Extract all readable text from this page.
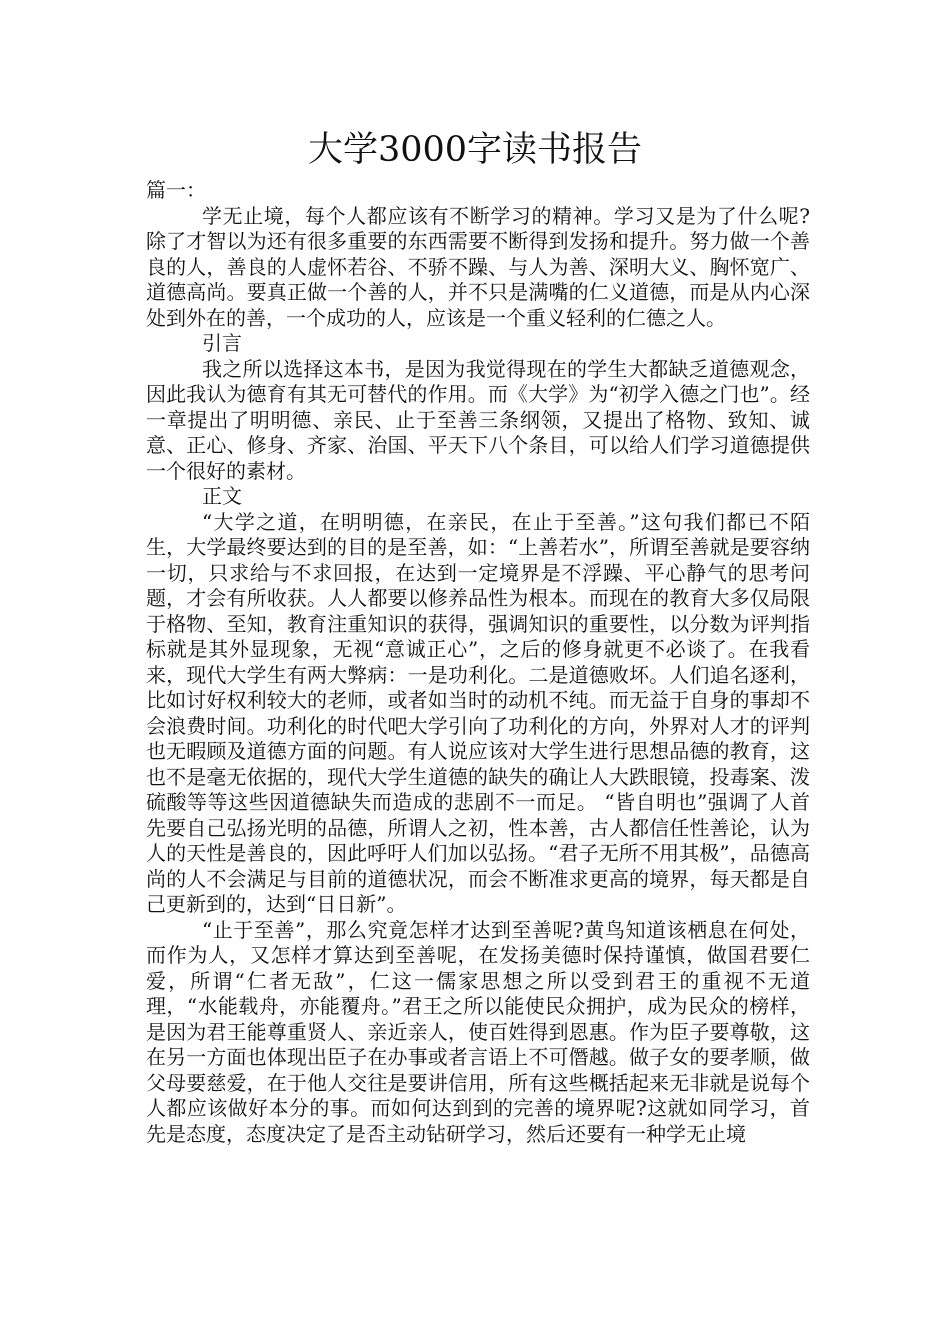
大学3000字读书报告

篇一：

学无止境，每个人都应该有不断学习的精神。学习又是为了什么呢?除了才智以为还有很多重要的东西需要不断得到发扬和提升。努力做一个善良的人，善良的人虚怀若谷、不骄不躁、与人为善、深明大义、胸怀宽广、道德高尚。要真正做一个善的人，并不只是满嘴的仁义道德，而是从内心深处到外在的善，一个成功的人，应该是一个重义轻利的仁德之人。

引言

我之所以选择这本书，是因为我觉得现在的学生大都缺乏道德观念，因此我认为德育有其无可替代的作用。而《大学》为“初学入德之门也”。经一章提出了明明德、亲民、止于至善三条纲领，又提出了格物、致知、诚意、正心、修身、齐家、治国、平天下八个条目，可以给人们学习道德提供一个很好的素材。

正文

“大学之道，在明明德，在亲民，在止于至善。”这句我们都已不陌生，大学最终要达到的目的是至善，如：“上善若水”，所谓至善就是要容纳一切，只求给与不求回报，在达到一定境界是不浮躁、平心静气的思考问题，才会有所收获。人人都要以修养品性为根本。而现在的教育大多仅局限于格物、至知，教育注重知识的获得，强调知识的重要性，以分数为评判指标就是其外显现象，无视“意诚正心”，之后的修身就更不必谈了。在我看来，现代大学生有两大弊病：一是功利化。二是道德败坏。人们追名逐利，比如讨好权利较大的老师，或者如当时的动机不纯。而无益于自身的事却不会浪费时间。功利化的时代吧大学引向了功利化的方向，外界对人才的评判也无暇顾及道德方面的问题。有人说应该对大学生进行思想品德的教育，这也不是毫无依据的，现代大学生道德的缺失的确让人大跌眼镜，投毒案、泼硫酸等等这些因道德缺失而造成的悲剧不一而足。 “皆自明也”强调了人首先要自己弘扬光明的品德，所谓人之初，性本善，古人都信任性善论，认为人的天性是善良的，因此呼吁人们加以弘扬。“君子无所不用其极”，品德高尚的人不会满足与目前的道德状况，而会不断准求更高的境界，每天都是自己更新到的，达到“日日新”。

“止于至善”，那么究竟怎样才达到至善呢?黄鸟知道该栖息在何处，而作为人，又怎样才算达到至善呢，在发扬美德时保持谨慎，做国君要仁爱，所谓“仁者无敌”，仁这一儒家思想之所以受到君王的重视不无道理，“水能载舟，亦能覆舟。”君王之所以能使民众拥护，成为民众的榜样，是因为君王能尊重贤人、亲近亲人，使百姓得到恩惠。作为臣子要尊敬，这在另一方面也体现出臣子在办事或者言语上不可僭越。做子女的要孝顺，做父母要慈爱，在于他人交往是要讲信用，所有这些概括起来无非就是说每个人都应该做好本分的事。而如何达到到的完善的境界呢?这就如同学习，首先是态度，态度决定了是否主动钻研学习，然后还要有一种学无止境
